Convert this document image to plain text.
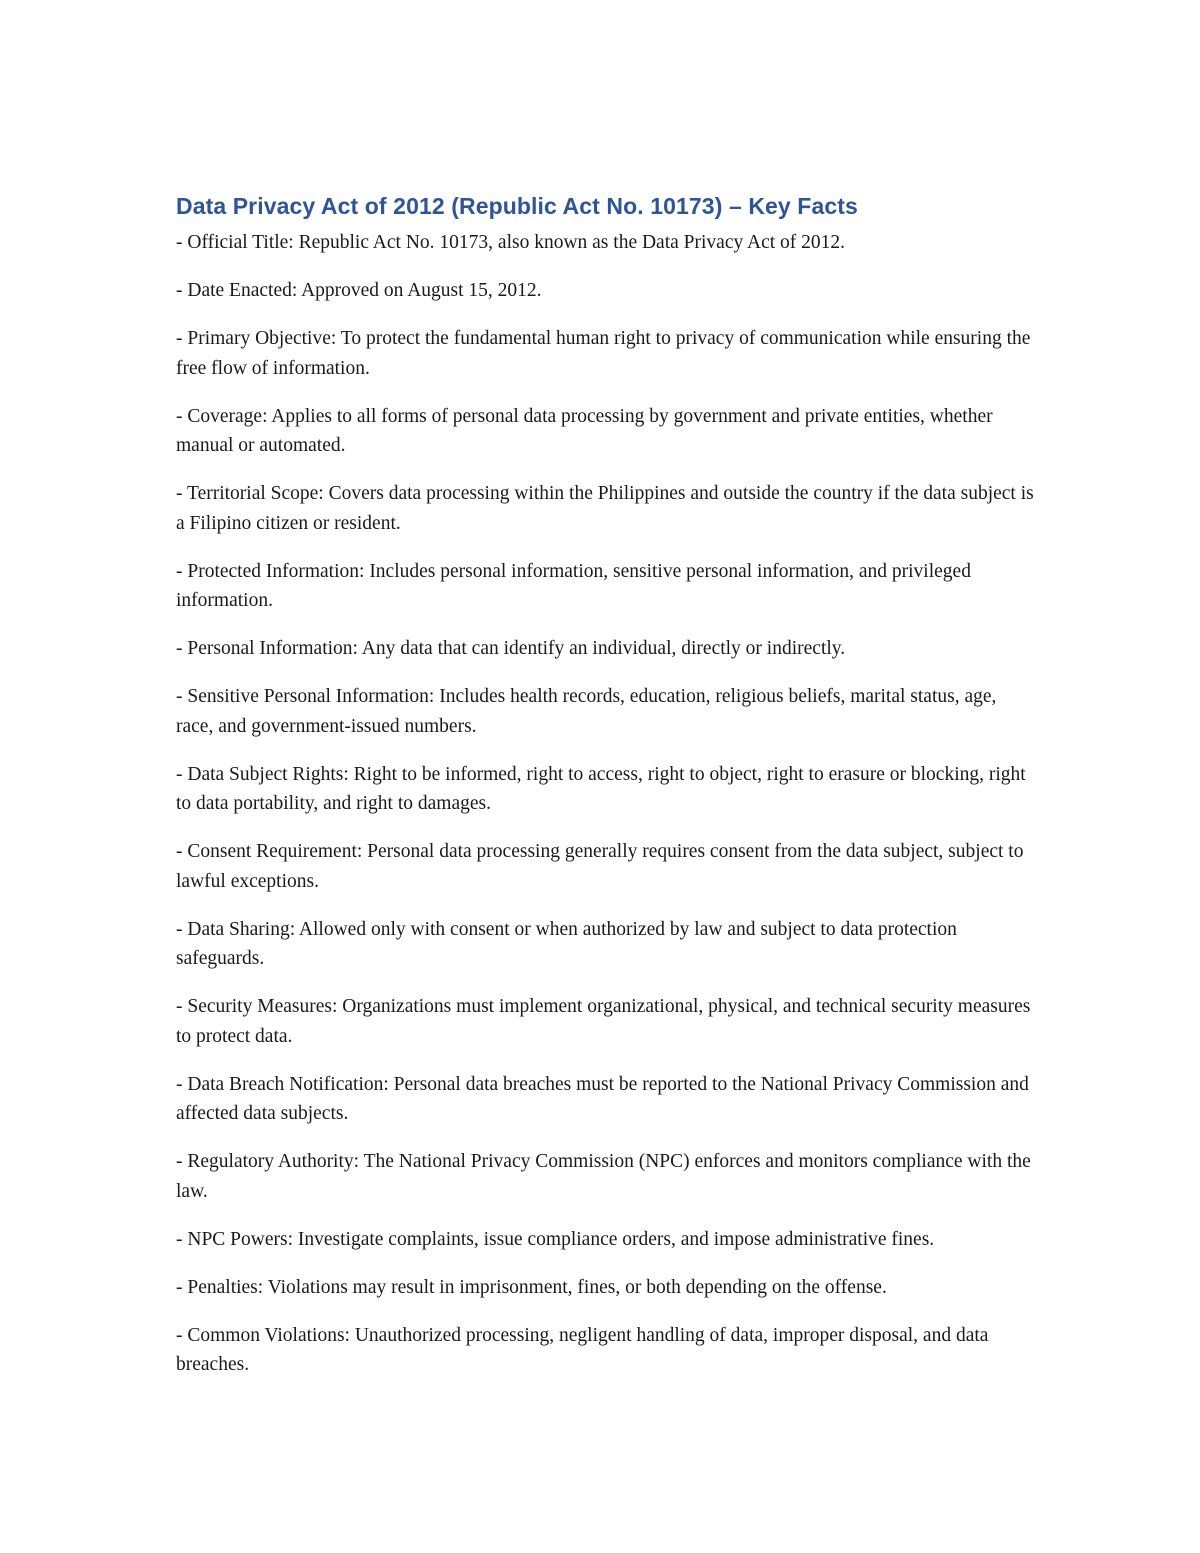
Data Privacy Act of 2012 (Republic Act No. 10173) – Key Facts

- Official Title: Republic Act No. 10173, also known as the Data Privacy Act of 2012.

- Date Enacted: Approved on August 15, 2012.

- Primary Objective: To protect the fundamental human right to privacy of communication while ensuring the free flow of information.

- Coverage: Applies to all forms of personal data processing by government and private entities, whether manual or automated.

- Territorial Scope: Covers data processing within the Philippines and outside the country if the data subject is a Filipino citizen or resident.

- Protected Information: Includes personal information, sensitive personal information, and privileged information.

- Personal Information: Any data that can identify an individual, directly or indirectly.

- Sensitive Personal Information: Includes health records, education, religious beliefs, marital status, age, race, and government-issued numbers.

- Data Subject Rights: Right to be informed, right to access, right to object, right to erasure or blocking, right to data portability, and right to damages.

- Consent Requirement: Personal data processing generally requires consent from the data subject, subject to lawful exceptions.

- Data Sharing: Allowed only with consent or when authorized by law and subject to data protection safeguards.

- Security Measures: Organizations must implement organizational, physical, and technical security measures to protect data.

- Data Breach Notification: Personal data breaches must be reported to the National Privacy Commission and affected data subjects.

- Regulatory Authority: The National Privacy Commission (NPC) enforces and monitors compliance with the law.

- NPC Powers: Investigate complaints, issue compliance orders, and impose administrative fines.

- Penalties: Violations may result in imprisonment, fines, or both depending on the offense.

- Common Violations: Unauthorized processing, negligent handling of data, improper disposal, and data breaches.
